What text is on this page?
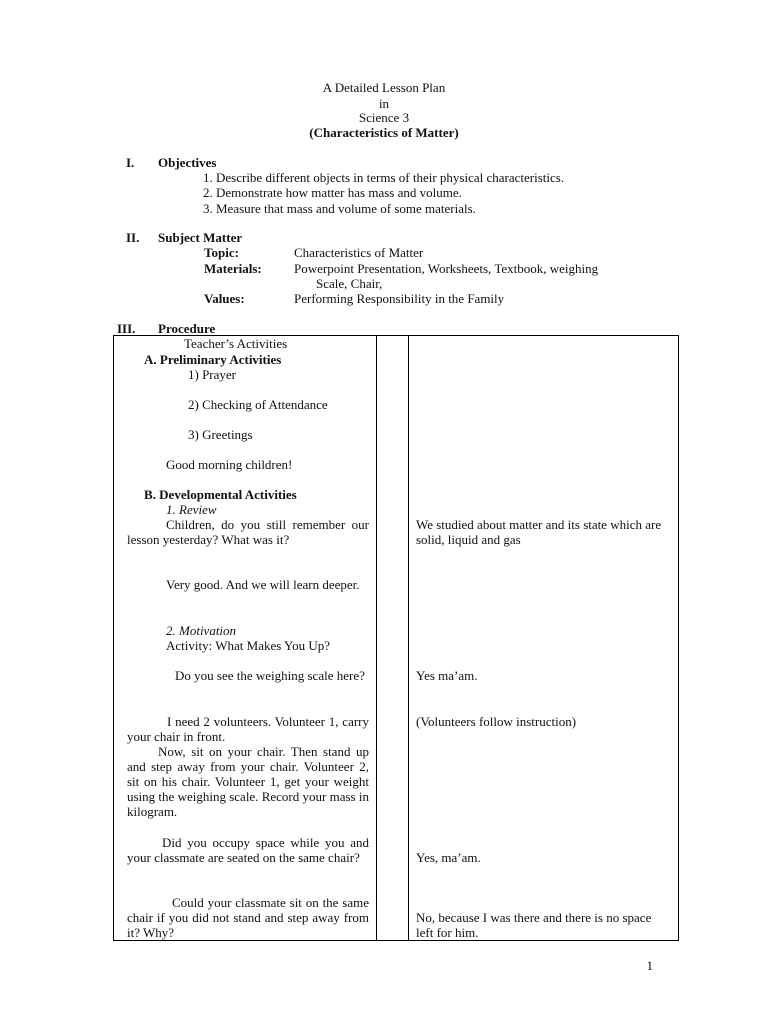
A Detailed Lesson Plan
in
Science 3
(Characteristics of Matter)
I. Objectives
1. Describe different objects in terms of their physical characteristics.
2. Demonstrate how matter has mass and volume.
3. Measure that mass and volume of some materials.
II. Subject Matter
Topic:	Characteristics of Matter
Materials: Powerpoint Presentation, Worksheets, Textbook, weighing
Scale, Chair,
Values:	Performing Responsibility in the Family
III. Procedure
Teacher’s Activities
A. Preliminary Activities
1) Prayer
2) Checking of Attendance
3) Greetings
Good morning children!
B. Developmental Activities
1. Review
Children, do you still remember our lesson yesterday? What was it?
Very good. And we will learn deeper.
2. Motivation
Activity: What Makes You Up?
Do you see the weighing scale here?
I need 2 volunteers. Volunteer 1, carry your chair in front.
Now, sit on your chair. Then stand up and step away from your chair. Volunteer 2, sit on his chair. Volunteer 1, get your weight using the weighing scale. Record your mass in kilogram.
Did you occupy space while you and your classmate are seated on the same chair?
Could your classmate sit on the same chair if you did not stand and step away from it? Why?
We studied about matter and its state which are solid, liquid and gas
Yes ma’am.
(Volunteers follow instruction)
Yes, ma’am.
No, because I was there and there is no space left for him.
1
